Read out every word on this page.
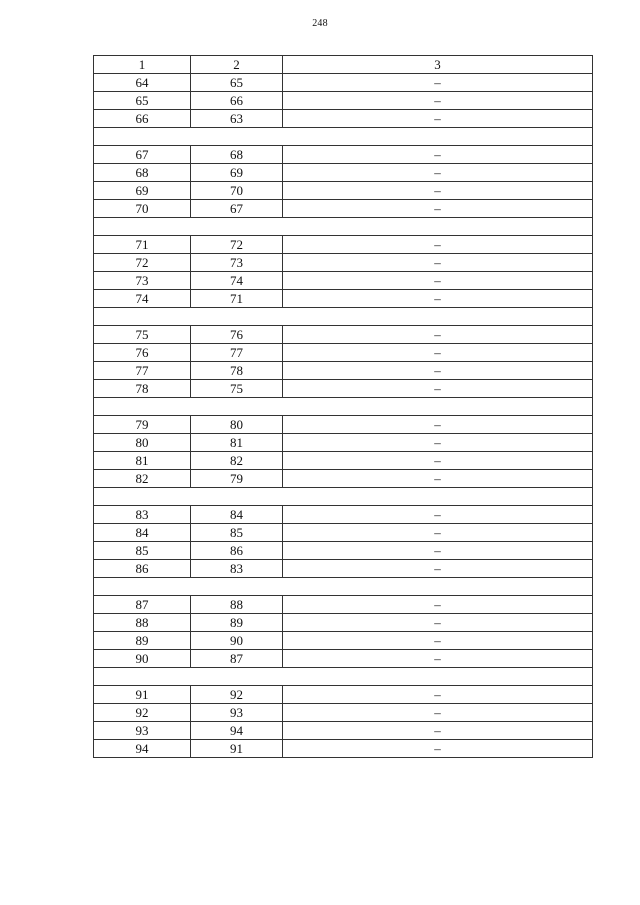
248
1	2	3
64	65	–
65	66	–
66	63	–

67	68	–
68	69	–
69	70	–
70	67	–

71	72	–
72	73	–
73	74	–
74	71	–

75	76	–
76	77	–
77	78	–
78	75	–

79	80	–
80	81	–
81	82	–
82	79	–

83	84	–
84	85	–
85	86	–
86	83	–

87	88	–
88	89	–
89	90	–
90	87	–

91	92	–
92	93	–
93	94	–
94	91	–
